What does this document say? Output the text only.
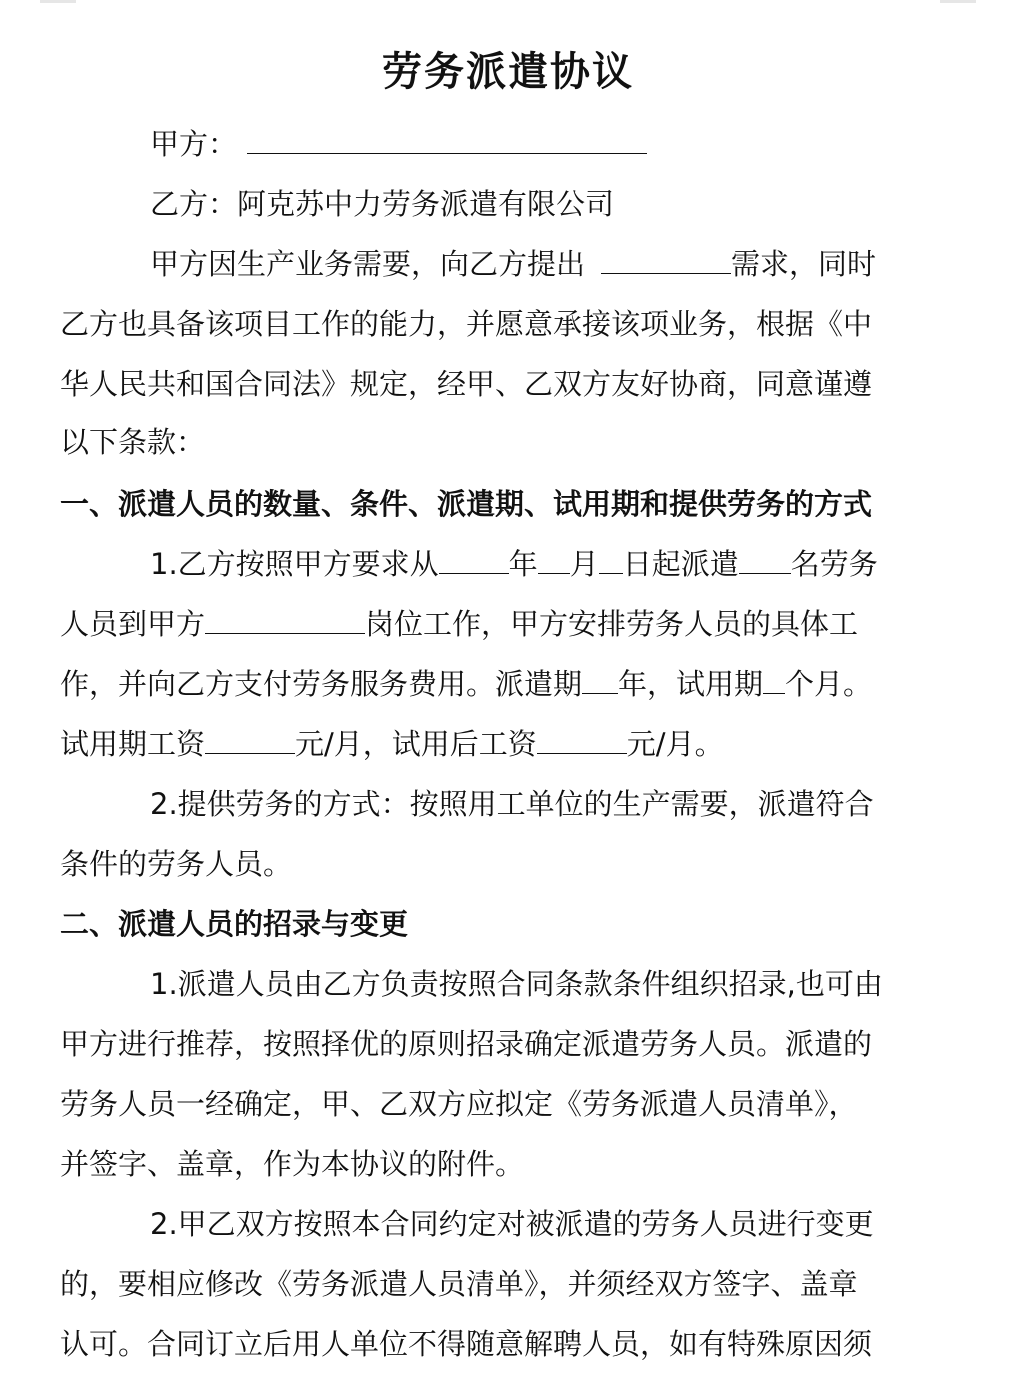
劳务派遣协议
甲方：
乙方：阿克苏中力劳务派遣有限公司
甲方因生产业务需要，向乙方提出	需求，同时
乙方也具备该项目工作的能力，并愿意承接该项业务，根据《中
华人民共和国合同法》规定，经甲、乙双方友好协商，同意谨遵
以下条款：
一、派遣人员的数量、条件、派遣期、试用期和提供劳务的方式
1.乙方按照甲方要求从 年 月 日起派遣 名劳务
人员到甲方	岗位工作，甲方安排劳务人员的具体工
作，并向乙方支付劳务服务费用。派遣期 年，试用期 个月。
试用期工资	元/月，试用后工资	元/月。
2.提供劳务的方式：按照用工单位的生产需要，派遣符合
条件的劳务人员。
二、派遣人员的招录与变更
1.派遣人员由乙方负责按照合同条款条件组织招录,也可由
甲方进行推荐，按照择优的原则招录确定派遣劳务人员。派遣的
劳务人员一经确定，甲、乙双方应拟定《劳务派遣人员清单》，
并签字、盖章，作为本协议的附件。
2.甲乙双方按照本合同约定对被派遣的劳务人员进行变更
的，要相应修改《劳务派遣人员清单》，并须经双方签字、盖章
认可。合同订立后用人单位不得随意解聘人员，如有特殊原因须
